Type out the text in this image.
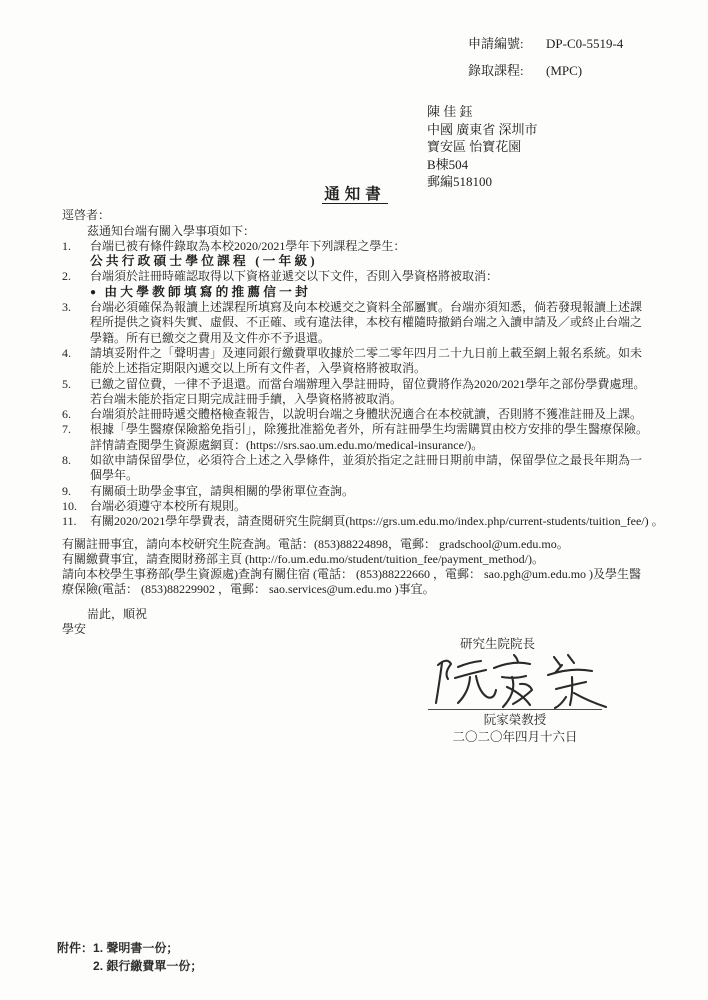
申請編號:	DP-C0-5519-4
錄取課程:	(MPC)
陳 佳 鈺
中國 廣東省 深圳市
寶安區 怡寶花園
B棟504
郵編518100
通知書
逕啓者：
茲通知台端有關入學事項如下：
1.	台端已被有條件錄取為本校2020/2021學年下列課程之學生：
公共行政碩士學位課程 (一年級)
2.	台端須於註冊時確認取得以下資格並遞交以下文件，否則入學資格將被取消：
● 由大學教師填寫的推薦信一封
3.	台端必須確保為報讀上述課程所填寫及向本校遞交之資料全部屬實。台端亦須知悉，倘若發現報讀上述課程所提供之資料失實、虛假、不正確、或有違法律，本校有權隨時撤銷台端之入讀申請及／或終止台端之學籍。所有已繳交之費用及文件亦不予退還。
4.	請填妥附件之「聲明書」及連同銀行繳費單收據於二零二零年四月二十九日前上載至網上報名系統。如未能於上述指定期限內遞交以上所有文件者，入學資格將被取消。
5.	已繳之留位費，一律不予退還。而當台端辦理入學註冊時，留位費將作為2020/2021學年之部份學費處理。若台端未能於指定日期完成註冊手續，入學資格將被取消。
6.	台端須於註冊時遞交體格檢查報告，以說明台端之身體狀況適合在本校就讀，否則將不獲准註冊及上課。
7.	根據「學生醫療保險豁免指引」，除獲批准豁免者外，所有註冊學生均需購買由校方安排的學生醫療保險。詳情請查閱學生資源處網頁：(https://srs.sao.um.edu.mo/medical-insurance/)。
8.	如欲申請保留學位，必須符合上述之入學條件，並須於指定之註冊日期前申請，保留學位之最長年期為一個學年。
9.	有關碩士助學金事宜，請與相關的學術單位查詢。
10.	台端必須遵守本校所有規則。
11.	有關2020/2021學年學費表，請查閱研究生院網頁(https://grs.um.edu.mo/index.php/current-students/tuition_fee/) 。
有關註冊事宜，請向本校研究生院查詢。電話：(853)88224898，電郵： gradschool@um.edu.mo。
有關繳費事宜，請查閱財務部主頁 (http://fo.um.edu.mo/student/tuition_fee/payment_method/)。
請向本校學生事務部(學生資源處)查詢有關住宿 (電話： (853)88222660 ，電郵： sao.pgh@um.edu.mo )及學生醫療保險(電話： (853)88229902 ，電郵： sao.services@um.edu.mo )事宜。
耑此，順祝
學安
研究生院院長
阮家榮教授
二〇二〇年四月十六日
附件： 1. 聲明書一份；
2. 銀行繳費單一份；
